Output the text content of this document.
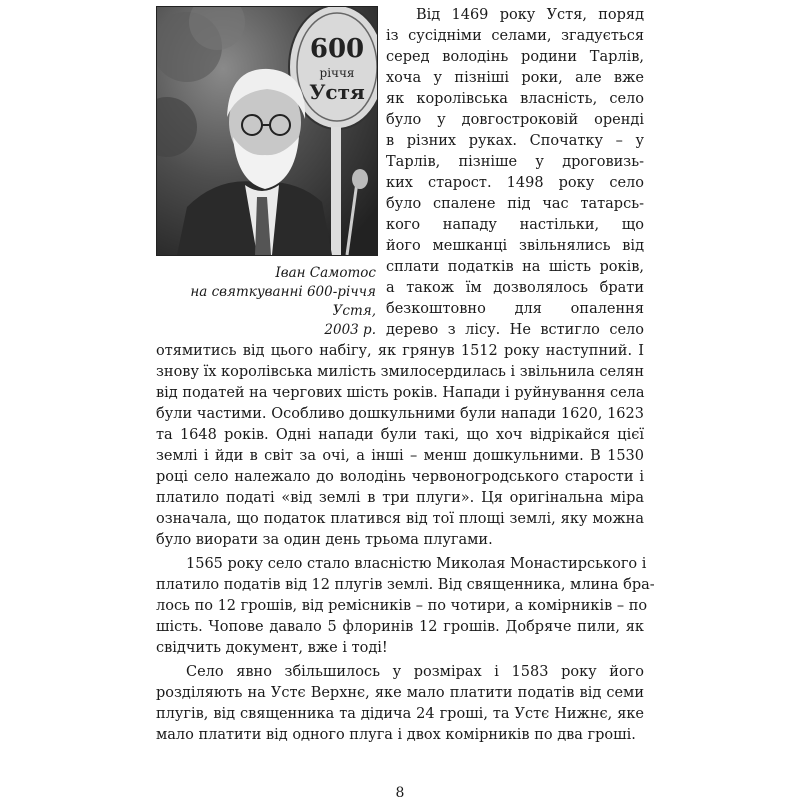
600
річчя
Устя
Іван Самотос
на святкуванні 600-річчя Устя,
2003 р.
Від 1469 року Устя, поряд
із сусідніми селами, згадується
серед володінь родини Тарлів,
хоча у пізніші роки, але вже
як королівська власність, село
було у довгостроковій оренді
в різних руках. Спочатку – у
Тарлів, пізніше у дроговизь-
ких старост. 1498 року село
було спалене під час татарсь-
кого нападу настільки, що
його мешканці звільнялись від
сплати податків на шість років,
а також їм дозволялось брати
безкоштовно для опалення
дерево з лісу. Не встигло село
отямитись від цього набігу, як грянув 1512 року наступний. І
знову їх королівська милість змилосердилась і звільнила селян
від податей на чергових шість років. Напади і руйнування села
були частими. Особливо дошкульними були напади 1620, 1623
та 1648 років. Одні напади були такі, що хоч відрікайся цієї
землі і йди в світ за очі, а інші – менш дошкульними. В 1530
році село належало до володінь червоногродського старости і
платило податі «від землі в три плуги». Ця оригінальна міра
означала, що податок платився від тої площі землі, яку можна
було виорати за один день трьома плугами.
1565 року село стало власністю Миколая Монастирського і
платило податів від 12 плугів землі. Від священника, млина бра-
лось по 12 грошів, від ремісників – по чотири, а комірників – по
шість. Чопове давало 5 флоринів 12 грошів. Добряче пили, як
свідчить документ, вже і тоді!
Село явно збільшилось у розмірах і 1583 року його
розділяють на Устє Верхнє, яке мало платити податів від семи
плугів, від священника та дідича 24 гроші, та Устє Нижнє, яке
мало платити від одного плуга і двох комірників по два гроші.
8
